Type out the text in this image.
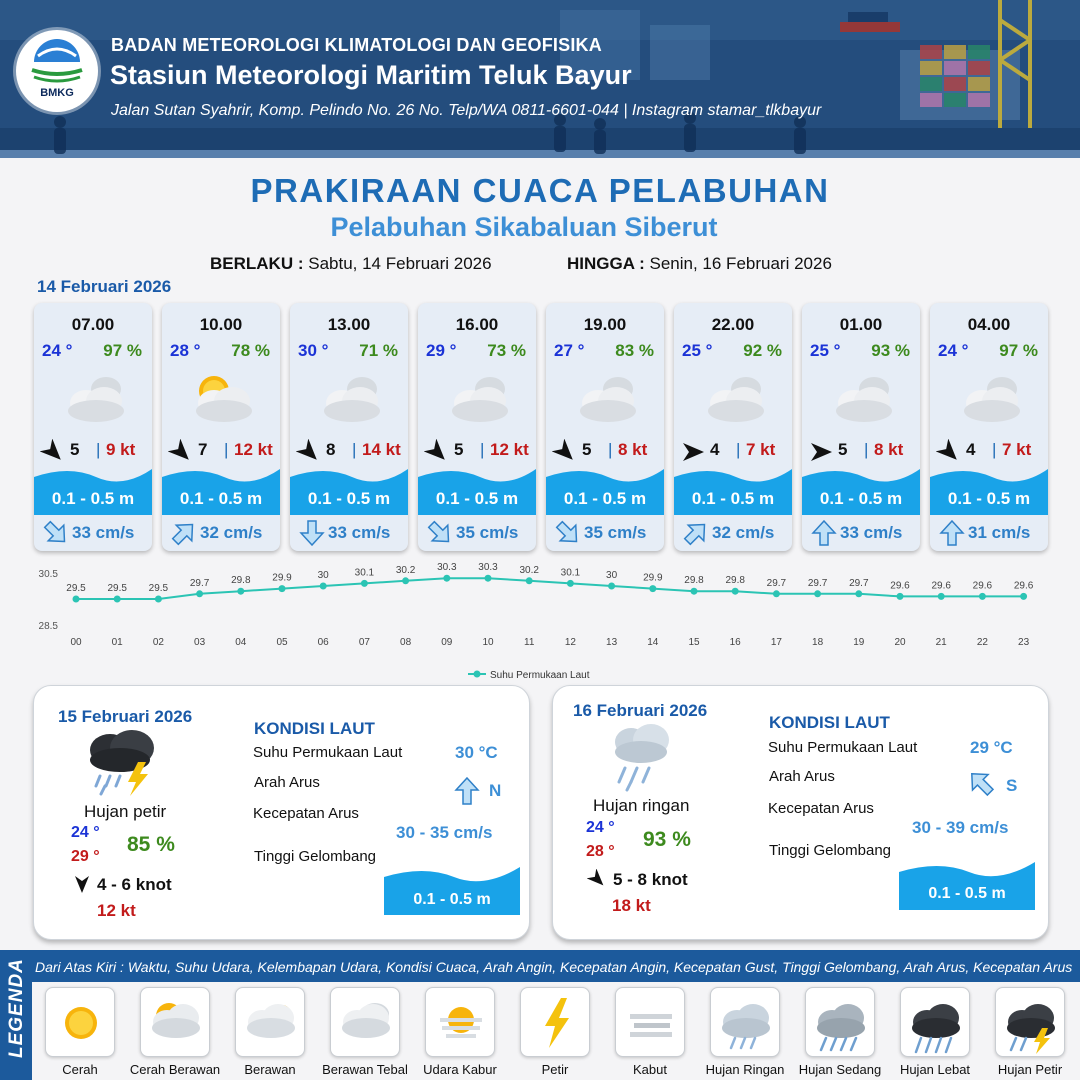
BMKG
BADAN METEOROLOGI KLIMATOLOGI DAN GEOFISIKA
Stasiun Meteorologi Maritim Teluk Bayur
Jalan Sutan Syahrir, Komp. Pelindo No. 26 No. Telp/WA 0811-6601-044 | Instagram stamar_tlkbayur
PRAKIRAAN CUACA PELABUHAN
Pelabuhan Sikabaluan Siberut
BERLAKU : Sabtu, 14 Februari 2026	HINGGA : Senin, 16 Februari 2026
14 Februari 2026
07.00
24 ° 97 %
5 | 9 kt
0.1 - 0.5 m
33 cm/s
10.00
28 ° 78 %
7 | 12 kt
0.1 - 0.5 m
32 cm/s
13.00
30 ° 71 %
8 | 14 kt
0.1 - 0.5 m
33 cm/s
16.00
29 ° 73 %
5 | 12 kt
0.1 - 0.5 m
35 cm/s
19.00
27 ° 83 %
5 | 8 kt
0.1 - 0.5 m
35 cm/s
22.00
25 ° 92 %
4 | 7 kt
0.1 - 0.5 m
32 cm/s
01.00
25 ° 93 %
5 | 8 kt
0.1 - 0.5 m
33 cm/s
04.00
24 ° 97 %
4 | 7 kt
0.1 - 0.5 m
31 cm/s
30.5
28.5
29.5
00
29.5
01
29.5
02
29.7
03
29.8
04
29.9
05
30
06
30.1
07
30.2
08
30.3
09
30.3
10
30.2
11
30.1
12
30
13
29.9
14
29.8
15
29.8
16
29.7
17
29.7
18
29.7
19
29.6
20
29.6
21
29.6
22
29.6
23
Suhu Permukaan Laut
15 Februari 2026
Hujan petir
24 °
29 °
85 %
4 - 6 knot
12 kt
KONDISI LAUT
Suhu Permukaan Laut	30 °C
Arah Arus	N
Kecepatan Arus
30 - 35 cm/s
Tinggi Gelombang
0.1 - 0.5 m
16 Februari 2026
Hujan ringan
24 °
28 °
93 %
5 - 8 knot
18 kt
KONDISI LAUT
Suhu Permukaan Laut	29 °C
Arah Arus	S
Kecepatan Arus
30 - 39 cm/s
Tinggi Gelombang
0.1 - 0.5 m
LEGENDA Dari Atas Kiri : Waktu, Suhu Udara, Kelembapan Udara, Kondisi Cuaca, Arah Angin, Kecepatan Angin, Kecepatan Gust, Tinggi Gelombang, Arah Arus, Kecepatan Arus
Cerah	Cerah Berawan	Berawan	Berawan Tebal	Udara Kabur	Petir	Kabut	Hujan Ringan	Hujan Sedang	Hujan Lebat	Hujan Petir
